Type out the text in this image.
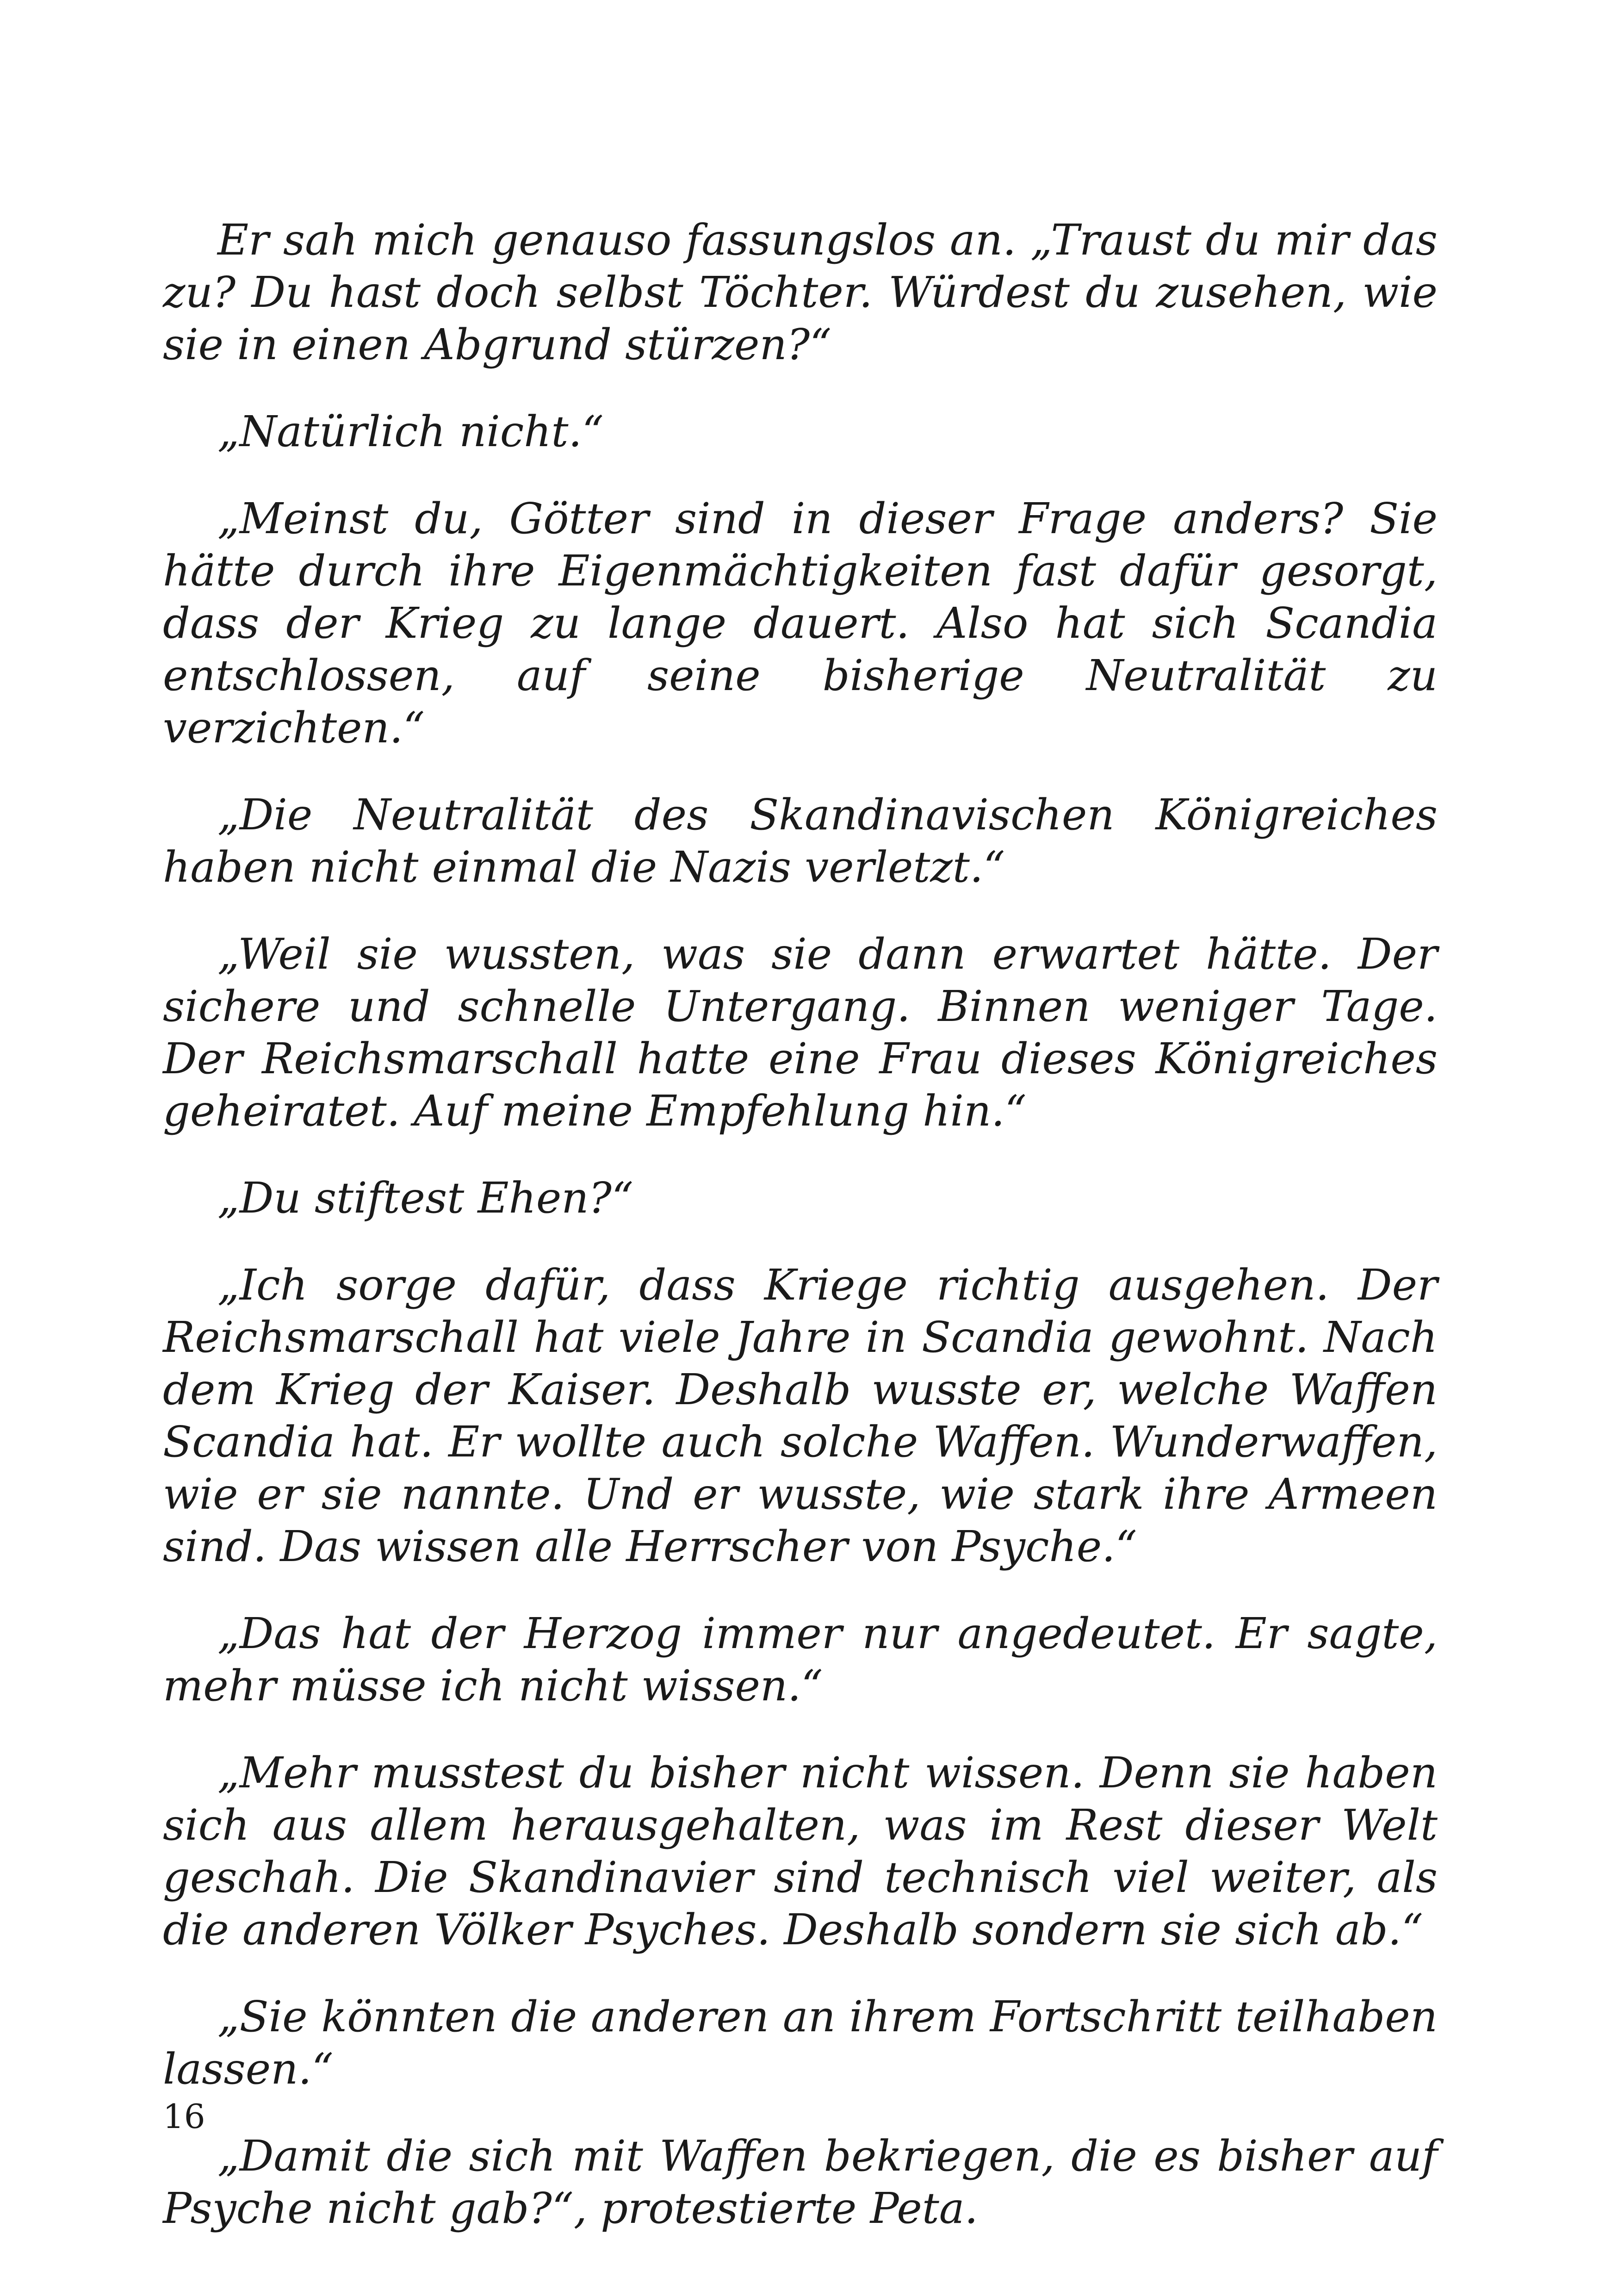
Er sah mich genauso fassungslos an. „Traust du mir das zu? Du hast doch selbst Töchter. Würdest du zusehen, wie sie in einen Abgrund stürzen?“

„Natürlich nicht.“

„Meinst du, Götter sind in dieser Frage anders? Sie hätte durch ihre Eigenmächtigkeiten fast dafür gesorgt, dass der Krieg zu lange dauert. Also hat sich Scandia entschlossen, auf seine bisherige Neutralität zu verzichten.“

„Die Neutralität des Skandinavischen Königreiches haben nicht einmal die Nazis verletzt.“

„Weil sie wussten, was sie dann erwartet hätte. Der sichere und schnelle Untergang. Binnen weniger Tage. Der Reichsmarschall hatte eine Frau dieses Königreiches geheiratet. Auf meine Empfehlung hin.“

„Du stiftest Ehen?“

„Ich sorge dafür, dass Kriege richtig ausgehen. Der Reichsmarschall hat viele Jahre in Scandia gewohnt. Nach dem Krieg der Kaiser. Deshalb wusste er, welche Waffen Scandia hat. Er wollte auch solche Waffen. Wunderwaffen, wie er sie nannte. Und er wusste, wie stark ihre Armeen sind. Das wissen alle Herrscher von Psyche.“

„Das hat der Herzog immer nur angedeutet. Er sagte, mehr müsse ich nicht wissen.“

„Mehr musstest du bisher nicht wissen. Denn sie haben sich aus allem herausgehalten, was im Rest dieser Welt geschah. Die Skandinavier sind technisch viel weiter, als die anderen Völker Psyches. Deshalb sondern sie sich ab.“

„Sie könnten die anderen an ihrem Fortschritt teilhaben lassen.“

„Damit die sich mit Waffen bekriegen, die es bisher auf Psyche nicht gab?“, protestierte Peta.

16
